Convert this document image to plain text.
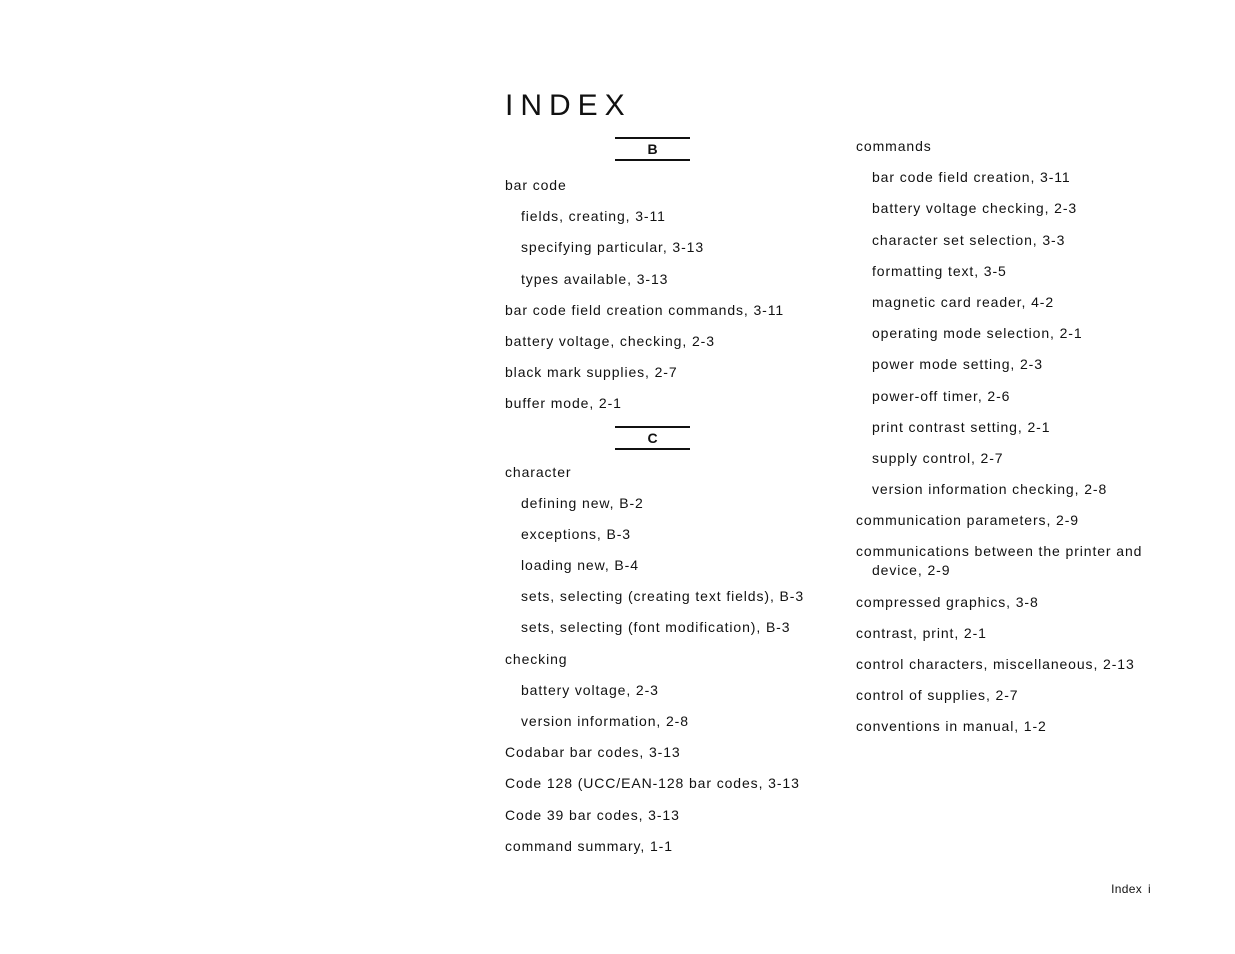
INDEX
B
bar code
fields, creating, 3-11
specifying particular, 3-13
types available, 3-13
bar code field creation commands, 3-11
battery voltage, checking, 2-3
black mark supplies, 2-7
buffer mode, 2-1
C
character
defining new, B-2
exceptions, B-3
loading new, B-4
sets, selecting (creating text fields), B-3
sets, selecting (font modification), B-3
checking
battery voltage, 2-3
version information, 2-8
Codabar bar codes, 3-13
Code 128 (UCC/EAN-128 bar codes, 3-13
Code 39 bar codes, 3-13
command summary, 1-1
commands
bar code field creation, 3-11
battery voltage checking, 2-3
character set selection, 3-3
formatting text, 3-5
magnetic card reader, 4-2
operating mode selection, 2-1
power mode setting, 2-3
power-off timer, 2-6
print contrast setting, 2-1
supply control, 2-7
version information checking, 2-8
communication parameters, 2-9
communications between the printer and device, 2-9
compressed graphics, 3-8
contrast, print, 2-1
control characters, miscellaneous, 2-13
control of supplies, 2-7
conventions in manual, 1-2
Index i
